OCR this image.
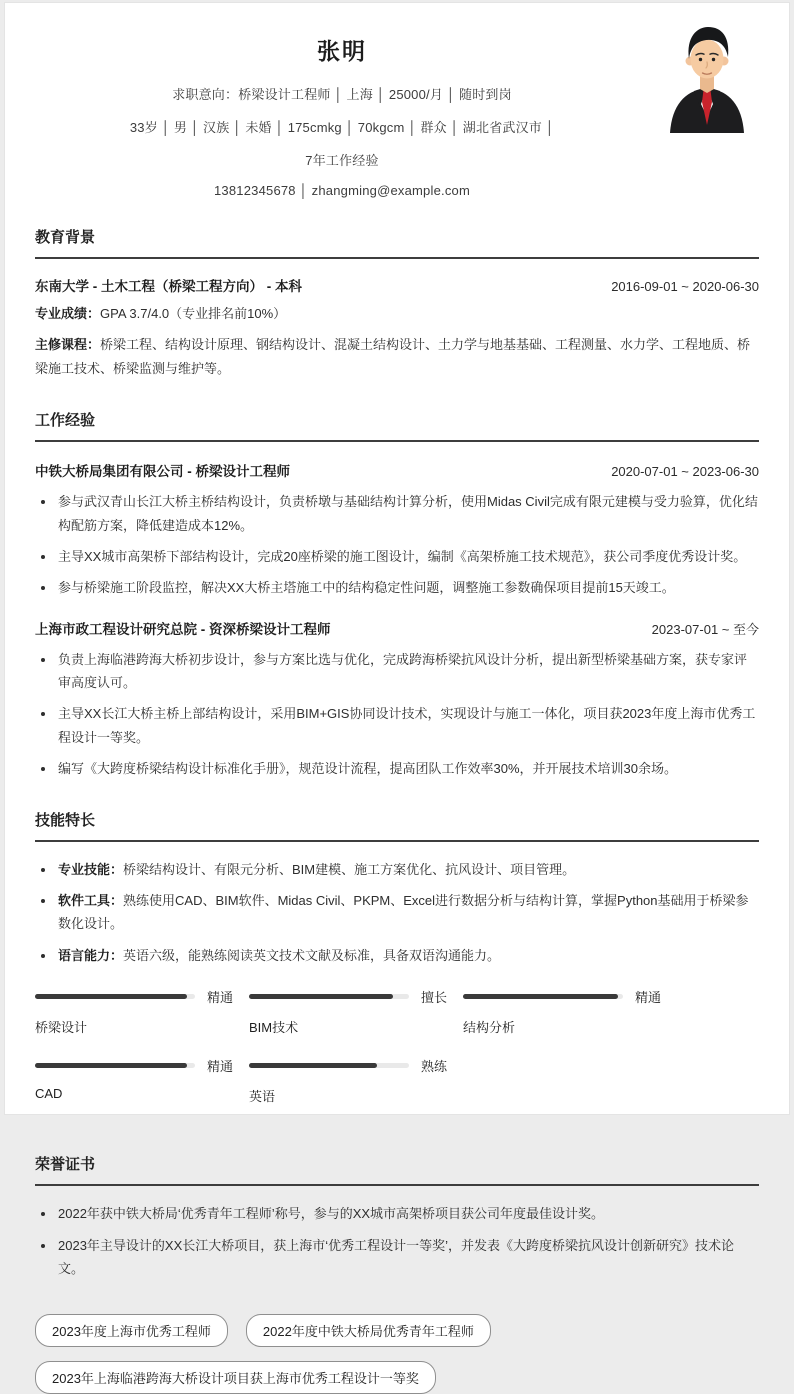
张明

求职意向：桥梁设计工程师 │ 上海 │ 25000/月 │ 随时到岗

33岁 │ 男 │ 汉族 │ 未婚 │ 175cmkg │ 70kgcm │ 群众 │ 湖北省武汉市 │

7年工作经验

13812345678 │ zhangming@example.com

教育背景
东南大学 - 土木工程（桥梁工程方向） - 本科	2016-09-01 ~ 2020-06-30

专业成绩：GPA 3.7/4.0（专业排名前10%）

主修课程：桥梁工程、结构设计原理、钢结构设计、混凝土结构设计、土力学与地基基础、工程测量、水力学、工程地质、桥梁施工技术、桥梁监测与维护等。

工作经验
中铁大桥局集团有限公司 - 桥梁设计工程师	2020-07-01 ~ 2023-06-30
• 参与武汉青山长江大桥主桥结构设计，负责桥墩与基础结构计算分析，使用Midas Civil完成有限元建模与受力验算，优化结构配筋方案，降低建造成本12%。
• 主导XX城市高架桥下部结构设计，完成20座桥梁的施工图设计，编制《高架桥施工技术规范》，获公司季度优秀设计奖。
• 参与桥梁施工阶段监控，解决XX大桥主塔施工中的结构稳定性问题，调整施工参数确保项目提前15天竣工。
上海市政工程设计研究总院 - 资深桥梁设计工程师	2023-07-01 ~ 至今
• 负责上海临港跨海大桥初步设计，参与方案比选与优化，完成跨海桥梁抗风设计分析，提出新型桥梁基础方案，获专家评审高度认可。
• 主导XX长江大桥主桥上部结构设计，采用BIM+GIS协同设计技术，实现设计与施工一体化，项目获2023年度上海市优秀工程设计一等奖。
• 编写《大跨度桥梁结构设计标准化手册》，规范设计流程，提高团队工作效率30%，并开展技术培训30余场。
技能特长
• 专业技能：桥梁结构设计、有限元分析、BIM建模、施工方案优化、抗风设计、项目管理。
• 软件工具：熟练使用CAD、BIM软件、Midas Civil、PKPM、Excel进行数据分析与结构计算，掌握Python基础用于桥梁参数化设计。
• 语言能力：英语六级，能熟练阅读英文技术文献及标准，具备双语沟通能力。
精通
桥梁设计
擅长
BIM技术
精通
结构分析
精通
CAD
熟练
英语
荣誉证书
• 2022年获中铁大桥局‘优秀青年工程师’称号，参与的XX城市高架桥项目获公司年度最佳设计奖。
• 2023年主导设计的XX长江大桥项目，获上海市‘优秀工程设计一等奖’，并发表《大跨度桥梁抗风设计创新研究》技术论文。
2023年度上海市优秀工程师	2022年度中铁大桥局优秀青年工程师
2023年上海临港跨海大桥设计项目获上海市优秀工程设计一等奖
